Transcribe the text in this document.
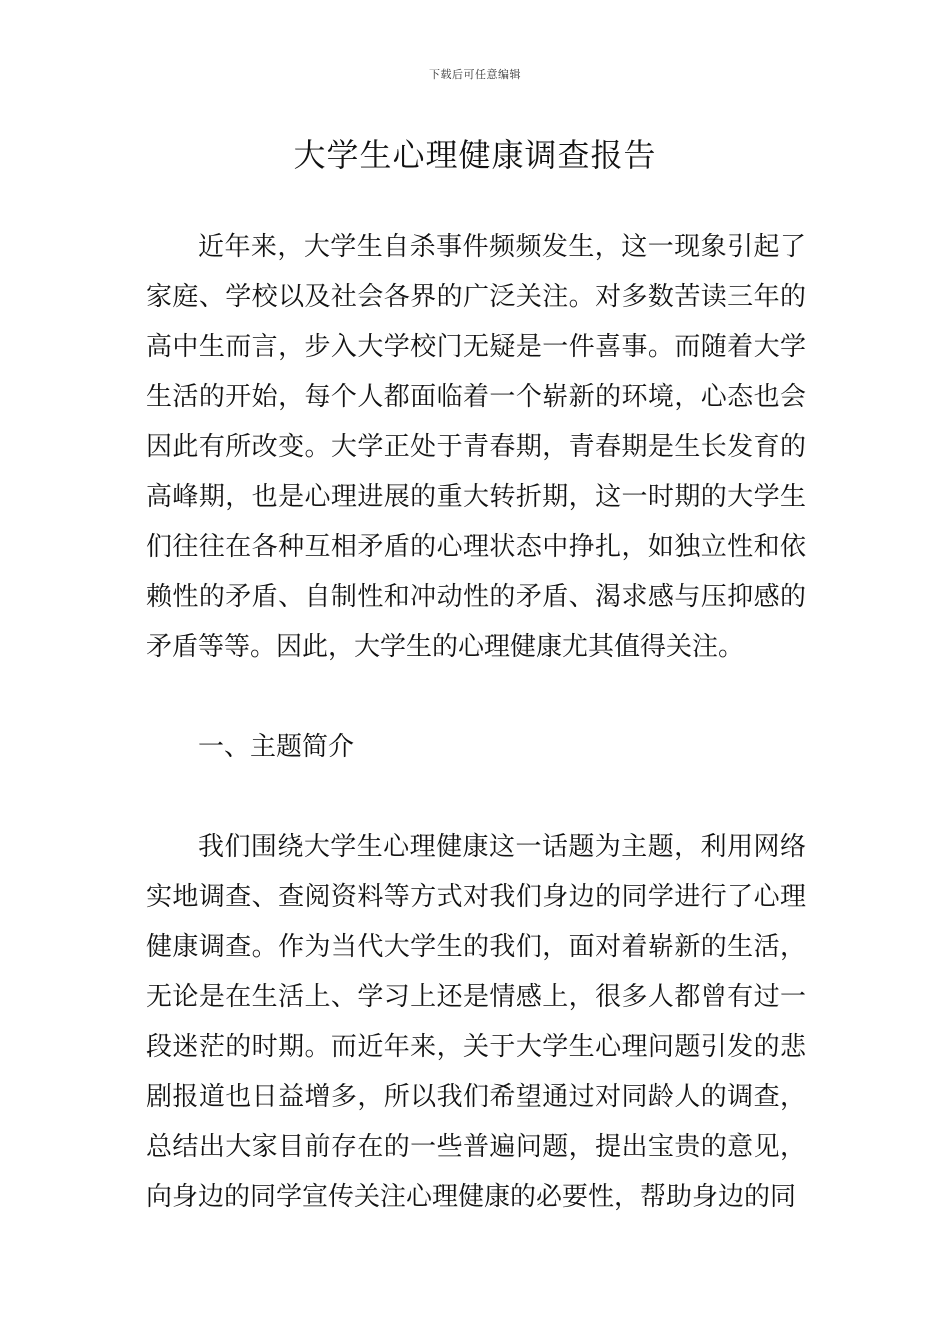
下载后可任意编辑
大学生心理健康调查报告

近年来，大学生自杀事件频频发生，这一现象引起了家庭、学校以及社会各界的广泛关注。对多数苦读三年的高中生而言，步入大学校门无疑是一件喜事。而随着大学生活的开始，每个人都面临着一个崭新的环境，心态也会因此有所改变。大学正处于青春期，青春期是生长发育的高峰期，也是心理进展的重大转折期，这一时期的大学生们往往在各种互相矛盾的心理状态中挣扎，如独立性和依赖性的矛盾、自制性和冲动性的矛盾、渴求感与压抑感的矛盾等等。因此，大学生的心理健康尤其值得关注。

一、主题简介

我们围绕大学生心理健康这一话题为主题，利用网络实地调查、查阅资料等方式对我们身边的同学进行了心理健康调查。作为当代大学生的我们，面对着崭新的生活，无论是在生活上、学习上还是情感上，很多人都曾有过一段迷茫的时期。而近年来，关于大学生心理问题引发的悲剧报道也日益增多，所以我们希望通过对同龄人的调查，总结出大家目前存在的一些普遍问题，提出宝贵的意见，向身边的同学宣传关注心理健康的必要性，帮助身边的同
